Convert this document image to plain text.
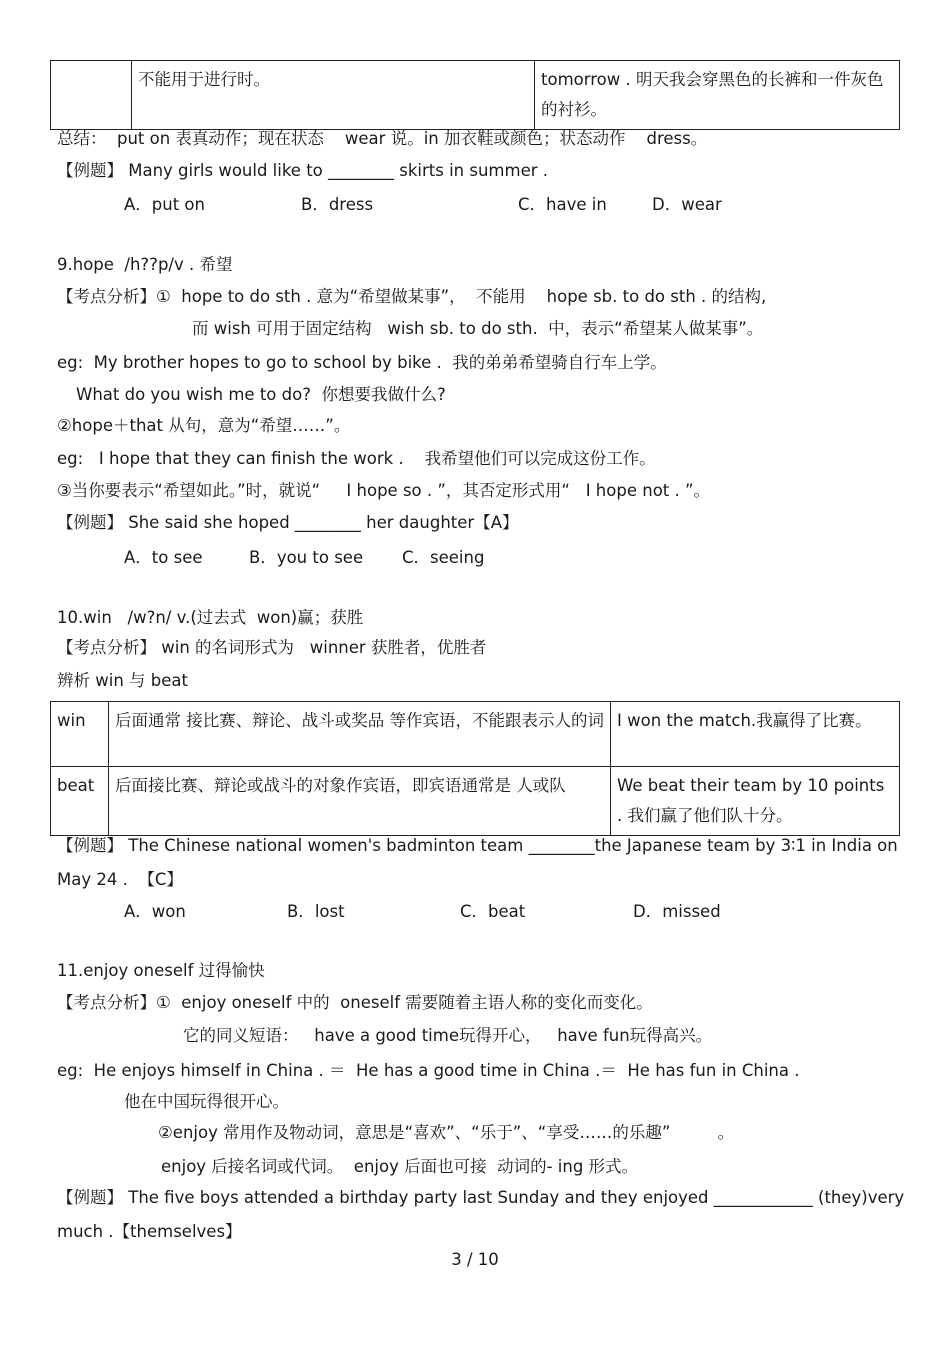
	不能用于进行时。	tomorrow . 明天我会穿黑色的长裤和一件灰色的衬衫。
总结：  put on 表真动作；现在状态    wear 说。in 加衣鞋或颜色；状态动作    dress。
【例题】 Many girls would like to ________ skirts in summer .
A．put on	B．dress	C．have in	D．wear
9.hope  /h??p/v . 希望
【考点分析】①  hope to do sth . 意为“希望做某事”，  不能用    hope sb. to do sth . 的结构,
而 wish 可用于固定结构   wish sb. to do sth.  中，表示“希望某人做某事”。
eg:  My brother hopes to go to school by bike .  我的弟弟希望骑自行车上学。
What do you wish me to do?  你想要我做什么?
②hope＋that 从句，意为“希望……”。
eg:   I hope that they can finish the work .    我希望他们可以完成这份工作。
③当你要表示“希望如此。”时，就说“     I hope so . ”，其否定形式用“   I hope not . ”。
【例题】 She said she hoped ________ her daughter【A】
A．to see	B．you to see C．seeing
10.win   /w?n/ v.(过去式  won)赢；获胜
【考点分析】 win 的名词形式为   winner 获胜者，优胜者
辨析 win 与 beat
win	后面通常 接比赛、辩论、战斗或奖品 等作宾语，不能跟表示人的词	I won the match.我赢得了比赛。
beat	后面接比赛、辩论或战斗的对象作宾语，即宾语通常是 人或队	We beat their team by 10 points . 我们赢了他们队十分。
【例题】 The Chinese national women's badminton team ________the Japanese team by 3∶1 in India on
May 24 .  【C】
A．won	B．lost	C．beat	D．missed
11.enjoy oneself 过得愉快
【考点分析】①  enjoy oneself 中的  oneself 需要随着主语人称的变化而变化。
它的同义短语：   have a good time玩得开心，   have fun玩得高兴。
eg:  He enjoys himself in China . ＝  He has a good time in China .＝  He has fun in China .
他在中国玩得很开心。
②enjoy 常用作及物动词，意思是“喜欢”、“乐于”、“享受……的乐趣”         。
enjoy 后接名词或代词。  enjoy 后面也可接  动词的- ing 形式。
【例题】 The five boys attended a birthday party last Sunday and they enjoyed ____________ (they)very
much .【themselves】
3 / 10
